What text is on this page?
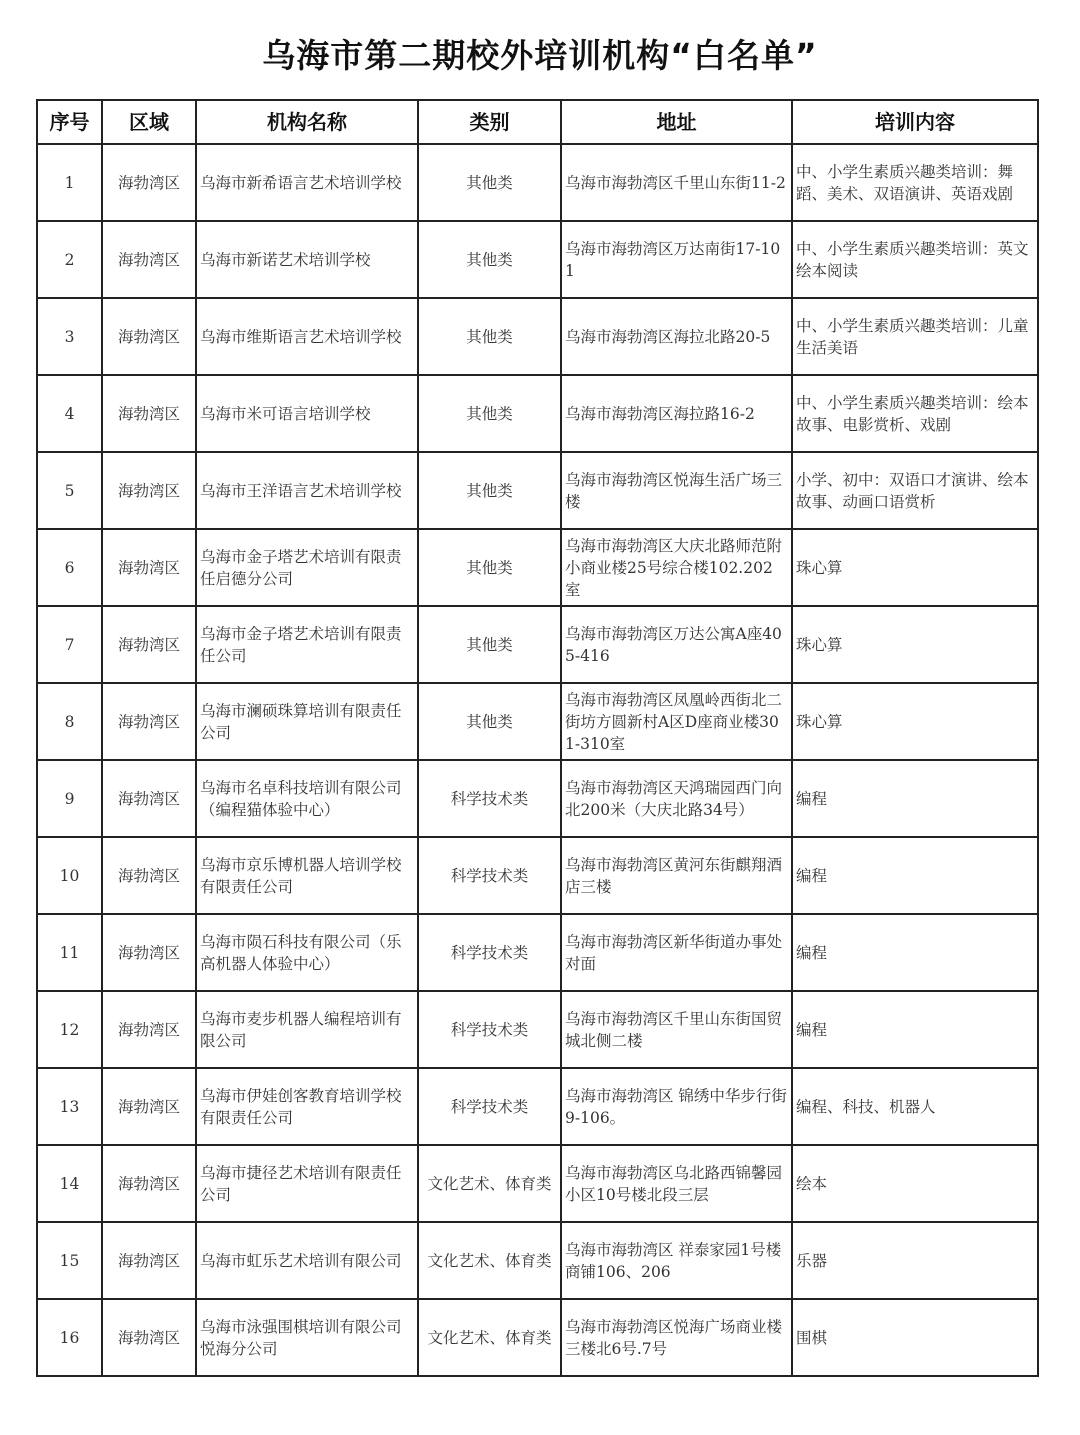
乌海市第二期校外培训机构“白名单”
序号	区域	机构名称	类别	地址	培训内容
1	海勃湾区	乌海市新希语言艺术培训学校	其他类	乌海市海勃湾区千里山东街11-2	中、小学生素质兴趣类培训：舞蹈、美术、双语演讲、英语戏剧
2	海勃湾区	乌海市新诺艺术培训学校	其他类	乌海市海勃湾区万达南街17-101	中、小学生素质兴趣类培训：英文绘本阅读
3	海勃湾区	乌海市维斯语言艺术培训学校	其他类	乌海市海勃湾区海拉北路20-5	中、小学生素质兴趣类培训：儿童生活美语
4	海勃湾区	乌海市米可语言培训学校	其他类	乌海市海勃湾区海拉路16-2	中、小学生素质兴趣类培训：绘本故事、电影赏析、戏剧
5	海勃湾区	乌海市王洋语言艺术培训学校	其他类	乌海市海勃湾区悦海生活广场三楼	小学、初中：双语口才演讲、绘本故事、动画口语赏析
6	海勃湾区	乌海市金子塔艺术培训有限责任启德分公司	其他类	乌海市海勃湾区大庆北路师范附小商业楼25号综合楼102.202室	珠心算
7	海勃湾区	乌海市金子塔艺术培训有限责任公司	其他类	乌海市海勃湾区万达公寓A座405-416	珠心算
8	海勃湾区	乌海市澜硕珠算培训有限责任公司	其他类	乌海市海勃湾区凤凰岭西街北二街坊方圆新村A区D座商业楼301-310室	珠心算
9	海勃湾区	乌海市名卓科技培训有限公司（编程猫体验中心）	科学技术类	乌海市海勃湾区天鸿瑞园西门向北200米（大庆北路34号）	编程
10	海勃湾区	乌海市京乐博机器人培训学校有限责任公司	科学技术类	乌海市海勃湾区黄河东街麒翔酒店三楼	编程
11	海勃湾区	乌海市陨石科技有限公司（乐高机器人体验中心）	科学技术类	乌海市海勃湾区新华街道办事处对面	编程
12	海勃湾区	乌海市麦步机器人编程培训有限公司	科学技术类	乌海市海勃湾区千里山东街国贸城北侧二楼	编程
13	海勃湾区	乌海市伊娃创客教育培训学校有限责任公司	科学技术类	乌海市海勃湾区 锦绣中华步行街9-106。	编程、科技、机器人
14	海勃湾区	乌海市捷径艺术培训有限责任公司	文化艺术、体育类	乌海市海勃湾区乌北路西锦馨园小区10号楼北段三层	绘本
15	海勃湾区	乌海市虹乐艺术培训有限公司	文化艺术、体育类	乌海市海勃湾区 祥泰家园1号楼商铺106、206	乐器
16	海勃湾区	乌海市泳强围棋培训有限公司悦海分公司	文化艺术、体育类	乌海市海勃湾区悦海广场商业楼三楼北6号.7号	围棋
